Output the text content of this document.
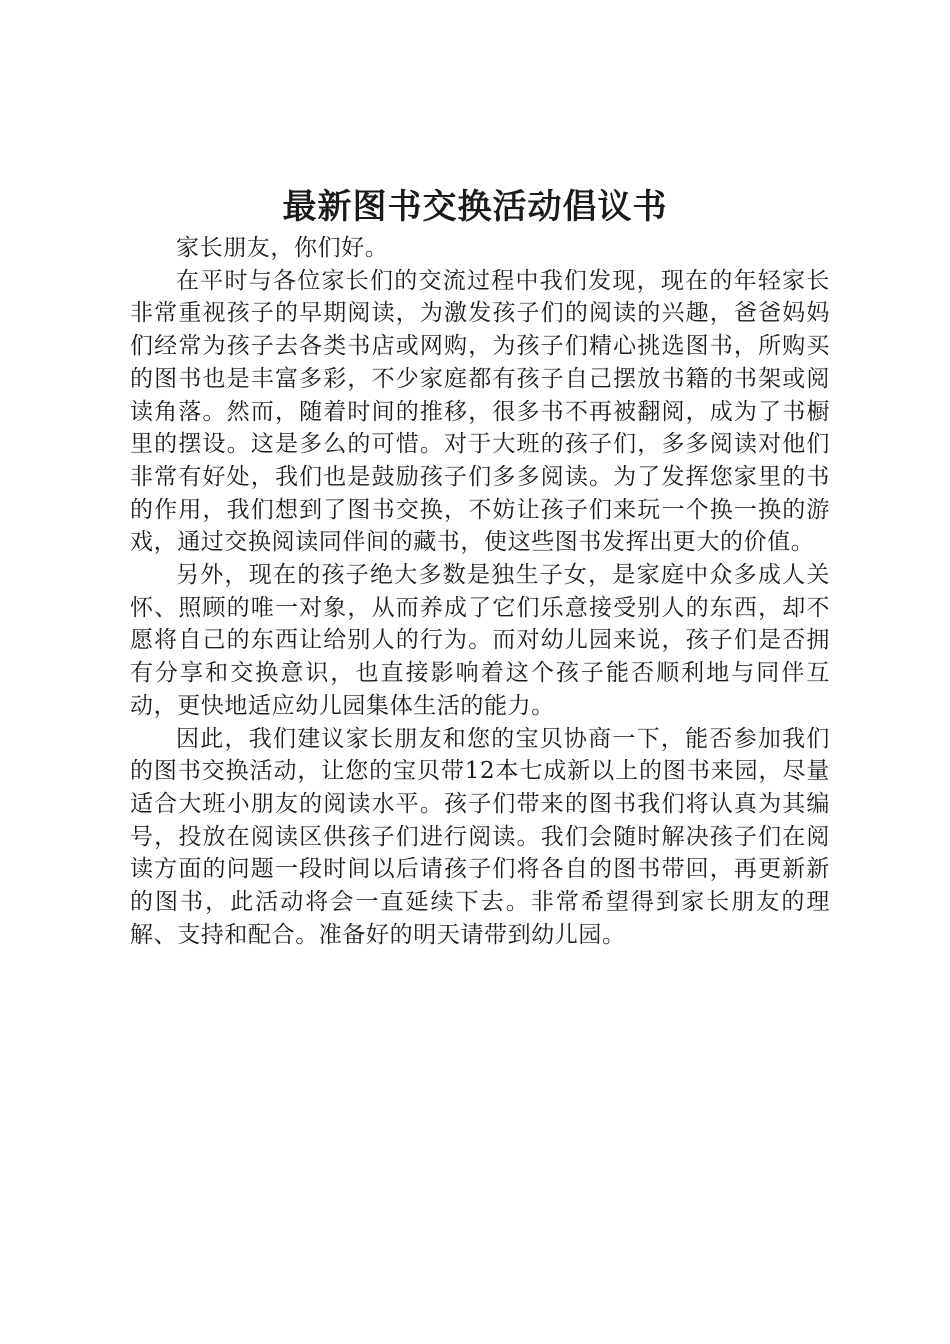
最新图书交换活动倡议书

家长朋友，你们好。

在平时与各位家长们的交流过程中我们发现，现在的年轻家长非常重视孩子的早期阅读，为激发孩子们的阅读的兴趣，爸爸妈妈们经常为孩子去各类书店或网购，为孩子们精心挑选图书，所购买的图书也是丰富多彩，不少家庭都有孩子自己摆放书籍的书架或阅读角落。然而，随着时间的推移，很多书不再被翻阅，成为了书橱里的摆设。这是多么的可惜。对于大班的孩子们，多多阅读对他们非常有好处，我们也是鼓励孩子们多多阅读。为了发挥您家里的书的作用，我们想到了图书交换，不妨让孩子们来玩一个换一换的游戏，通过交换阅读同伴间的藏书，使这些图书发挥出更大的价值。

另外，现在的孩子绝大多数是独生子女，是家庭中众多成人关怀、照顾的唯一对象，从而养成了它们乐意接受别人的东西，却不愿将自己的东西让给别人的行为。而对幼儿园来说，孩子们是否拥有分享和交换意识，也直接影响着这个孩子能否顺利地与同伴互动，更快地适应幼儿园集体生活的能力。

因此，我们建议家长朋友和您的宝贝协商一下，能否参加我们的图书交换活动，让您的宝贝带12本七成新以上的图书来园，尽量适合大班小朋友的阅读水平。孩子们带来的图书我们将认真为其编号，投放在阅读区供孩子们进行阅读。我们会随时解决孩子们在阅读方面的问题一段时间以后请孩子们将各自的图书带回，再更新新的图书，此活动将会一直延续下去。非常希望得到家长朋友的理解、支持和配合。准备好的明天请带到幼儿园。
